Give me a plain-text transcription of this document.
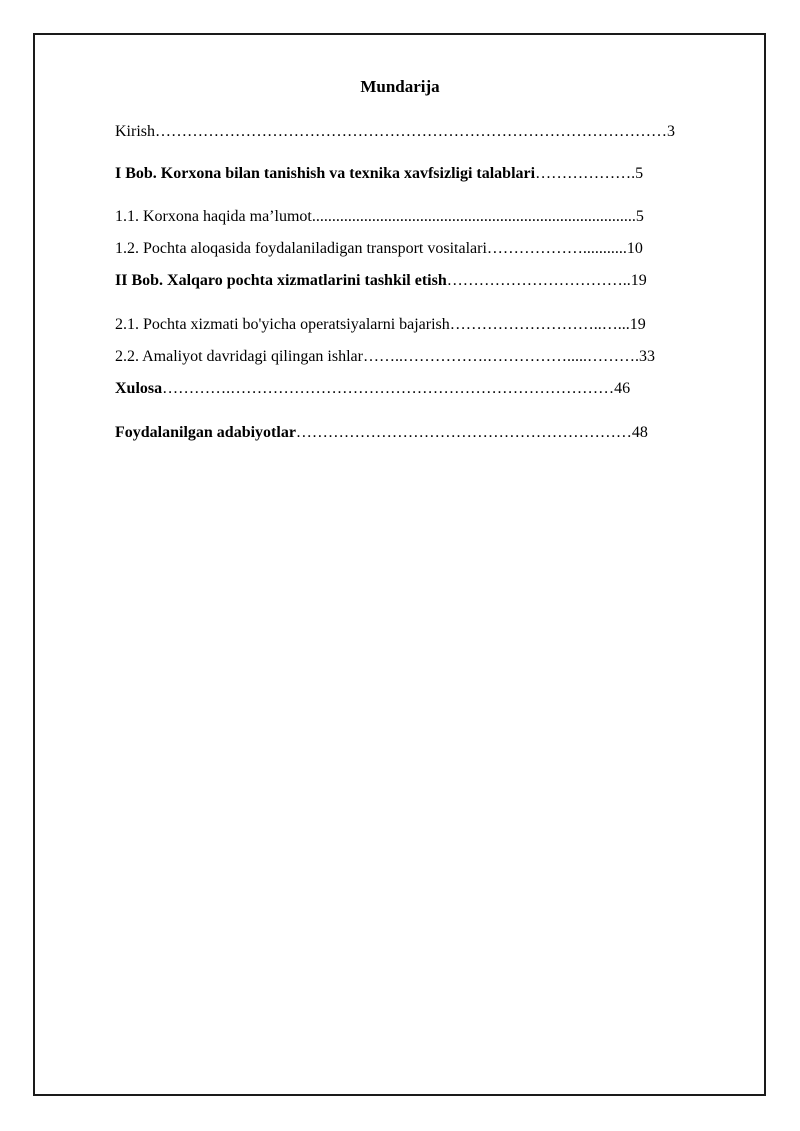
Mundarija
Kirish……………………………………………………………………………………3
I Bob. Korxona bilan tanishish va texnika xavfsizligi talablari……………….5
1.1. Korxona haqida ma’lumot.................................................................................5
1.2. Pochta aloqasida foydalaniladigan transport vositalari………………...........10
II Bob. Xalqaro pochta xizmatlarini tashkil etish……………………………..19
2.1. Pochta xizmati bo'yicha operatsiyalarni bajarish………………………..…...19
2.2. Amaliyot davridagi qilingan ishlar……..…………….…………….....……….33
Xulosa………….………………………………………………………………46
Foydalanilgan adabiyotlar………………………………………………………48
